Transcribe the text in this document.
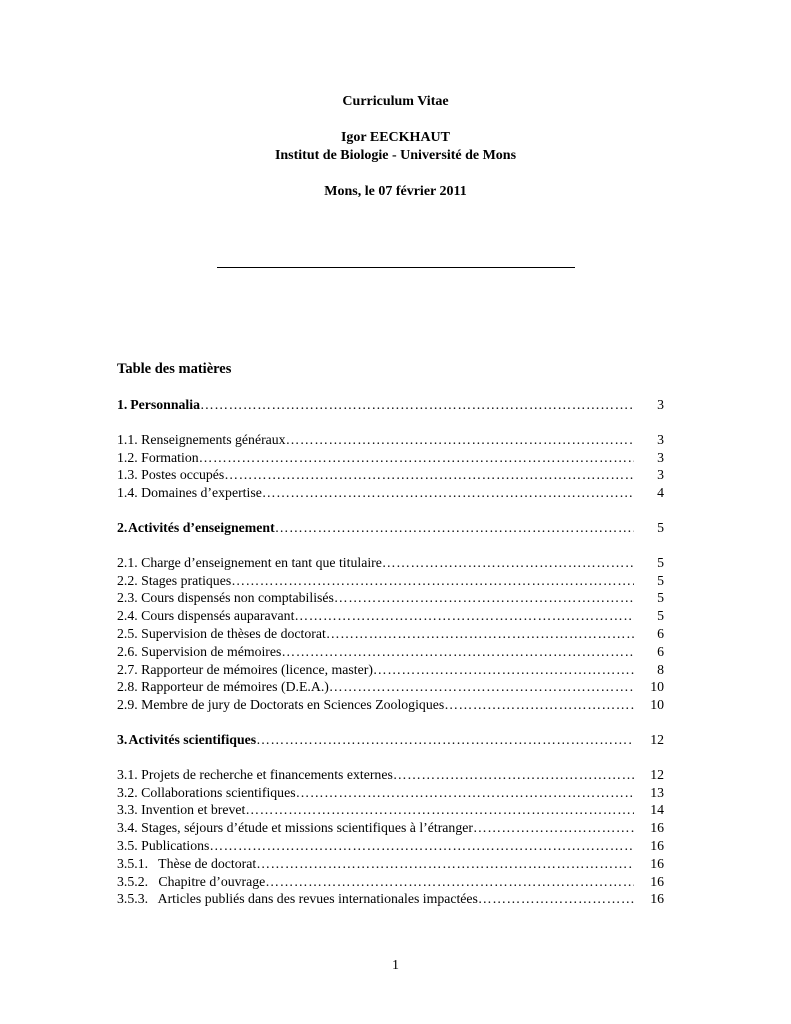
Curriculum Vitae
Igor EECKHAUT
Institut de Biologie - Université de Mons
Mons, le 07 février 2011
Table des matières
1. Personnalia ……………………………………………………………………………………………………………………………………………………………………	3
1.1. Renseignements généraux ……………………………………………………………………………………………………………………………………………………………………	3
1.2. Formation ……………………………………………………………………………………………………………………………………………………………………	3
1.3. Postes occupés ……………………………………………………………………………………………………………………………………………………………………	3
1.4. Domaines d’expertise ……………………………………………………………………………………………………………………………………………………………………	4
2. Activités d’enseignement ……………………………………………………………………………………………………………………………………………………………………	5
2.1. Charge d’enseignement en tant que titulaire ……………………………………………………………………………………………………………………………………………………………………	5
2.2. Stages pratiques ……………………………………………………………………………………………………………………………………………………………………	5
2.3. Cours dispensés non comptabilisés ……………………………………………………………………………………………………………………………………………………………………	5
2.4. Cours dispensés auparavant ……………………………………………………………………………………………………………………………………………………………………	5
2.5. Supervision de thèses de doctorat ……………………………………………………………………………………………………………………………………………………………………	6
2.6. Supervision de mémoires ……………………………………………………………………………………………………………………………………………………………………	6
2.7. Rapporteur de mémoires (licence, master) ……………………………………………………………………………………………………………………………………………………………………	8
2.8. Rapporteur de mémoires (D.E.A.) ……………………………………………………………………………………………………………………………………………………………………	10
2.9. Membre de jury de Doctorats en Sciences Zoologiques ……………………………………………………………………………………………………………………………………………………………………	10
3. Activités scientifiques ……………………………………………………………………………………………………………………………………………………………………	12
3.1. Projets de recherche et financements externes ……………………………………………………………………………………………………………………………………………………………………	12
3.2. Collaborations scientifiques ……………………………………………………………………………………………………………………………………………………………………	13
3.3. Invention et brevet ……………………………………………………………………………………………………………………………………………………………………	14
3.4. Stages, séjours d’étude et missions scientifiques à l’étranger ……………………………………………………………………………………………………………………………………………………………………	16
3.5. Publications ……………………………………………………………………………………………………………………………………………………………………	16
3.5.1.   Thèse de doctorat ……………………………………………………………………………………………………………………………………………………………………	16
3.5.2.   Chapitre d’ouvrage ……………………………………………………………………………………………………………………………………………………………………	16
3.5.3.   Articles publiés dans des revues internationales impactées ……………………………………………………………………………………………………………………………………………………………………	16
1
